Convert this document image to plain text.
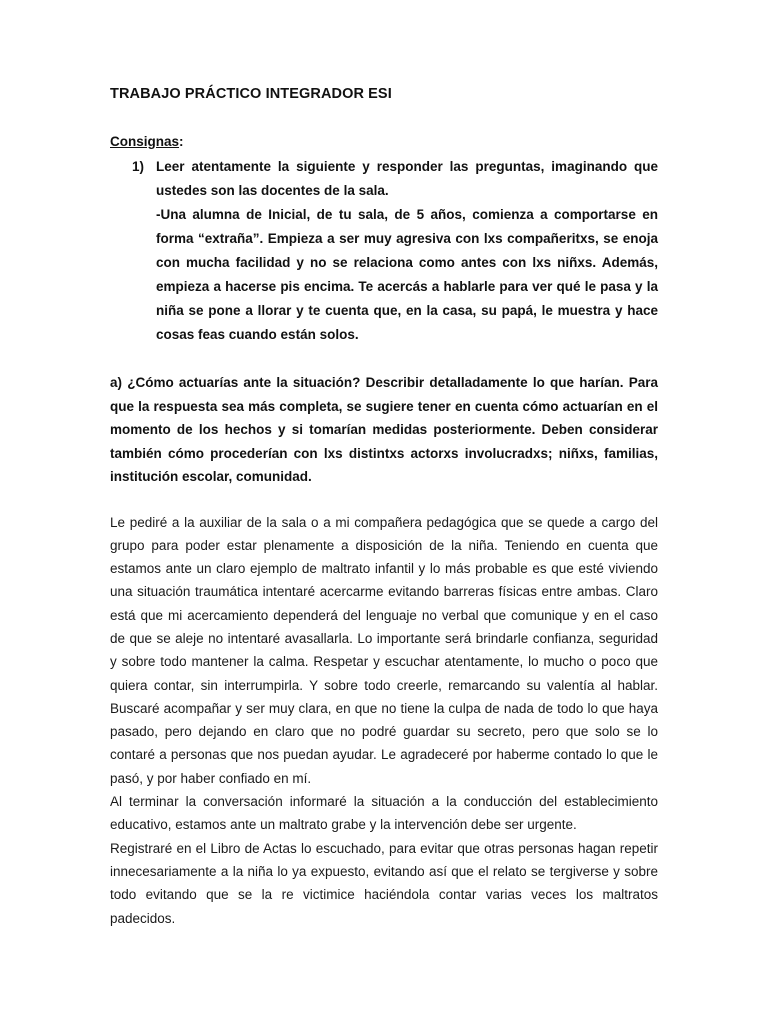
TRABAJO PRÁCTICO INTEGRADOR ESI
Consignas:
1) Leer atentamente la siguiente y responder las preguntas, imaginando que ustedes son las docentes de la sala.

-Una alumna de Inicial, de tu sala, de 5 años, comienza a comportarse en forma “extraña”. Empieza a ser muy agresiva con lxs compañeritxs, se enoja con mucha facilidad y no se relaciona como antes con lxs niñxs. Además, empieza a hacerse pis encima. Te acercás a hablarle para ver qué le pasa y la niña se pone a llorar y te cuenta que, en la casa, su papá, le muestra y hace cosas feas cuando están solos.

a) ¿Cómo actuarías ante la situación? Describir detalladamente lo que harían. Para que la respuesta sea más completa, se sugiere tener en cuenta cómo actuarían en el momento de los hechos y si tomarían medidas posteriormente. Deben considerar también cómo procederían con lxs distintxs actorxs involucradxs; niñxs, familias, institución escolar, comunidad.

Le pediré a la auxiliar de la sala o a mi compañera pedagógica que se quede a cargo del grupo para poder estar plenamente a disposición de la niña. Teniendo en cuenta que estamos ante un claro ejemplo de maltrato infantil y lo más probable es que esté viviendo una situación traumática intentaré acercarme evitando barreras físicas entre ambas. Claro está que mi acercamiento dependerá del lenguaje no verbal que comunique y en el caso de que se aleje no intentaré avasallarla. Lo importante será brindarle confianza, seguridad y sobre todo mantener la calma. Respetar y escuchar atentamente, lo mucho o poco que quiera contar, sin interrumpirla. Y sobre todo creerle, remarcando su valentía al hablar. Buscaré acompañar y ser muy clara, en que no tiene la culpa de nada de todo lo que haya pasado, pero dejando en claro que no podré guardar su secreto, pero que solo se lo contaré a personas que nos puedan ayudar. Le agradeceré por haberme contado lo que le pasó, y por haber confiado en mí.

Al terminar la conversación informaré la situación a la conducción del establecimiento educativo, estamos ante un maltrato grabe y la intervención debe ser urgente.

Registraré en el Libro de Actas lo escuchado, para evitar que otras personas hagan repetir innecesariamente a la niña lo ya expuesto, evitando así que el relato se tergiverse y sobre todo evitando que se la re victimice haciéndola contar varias veces los maltratos padecidos.
